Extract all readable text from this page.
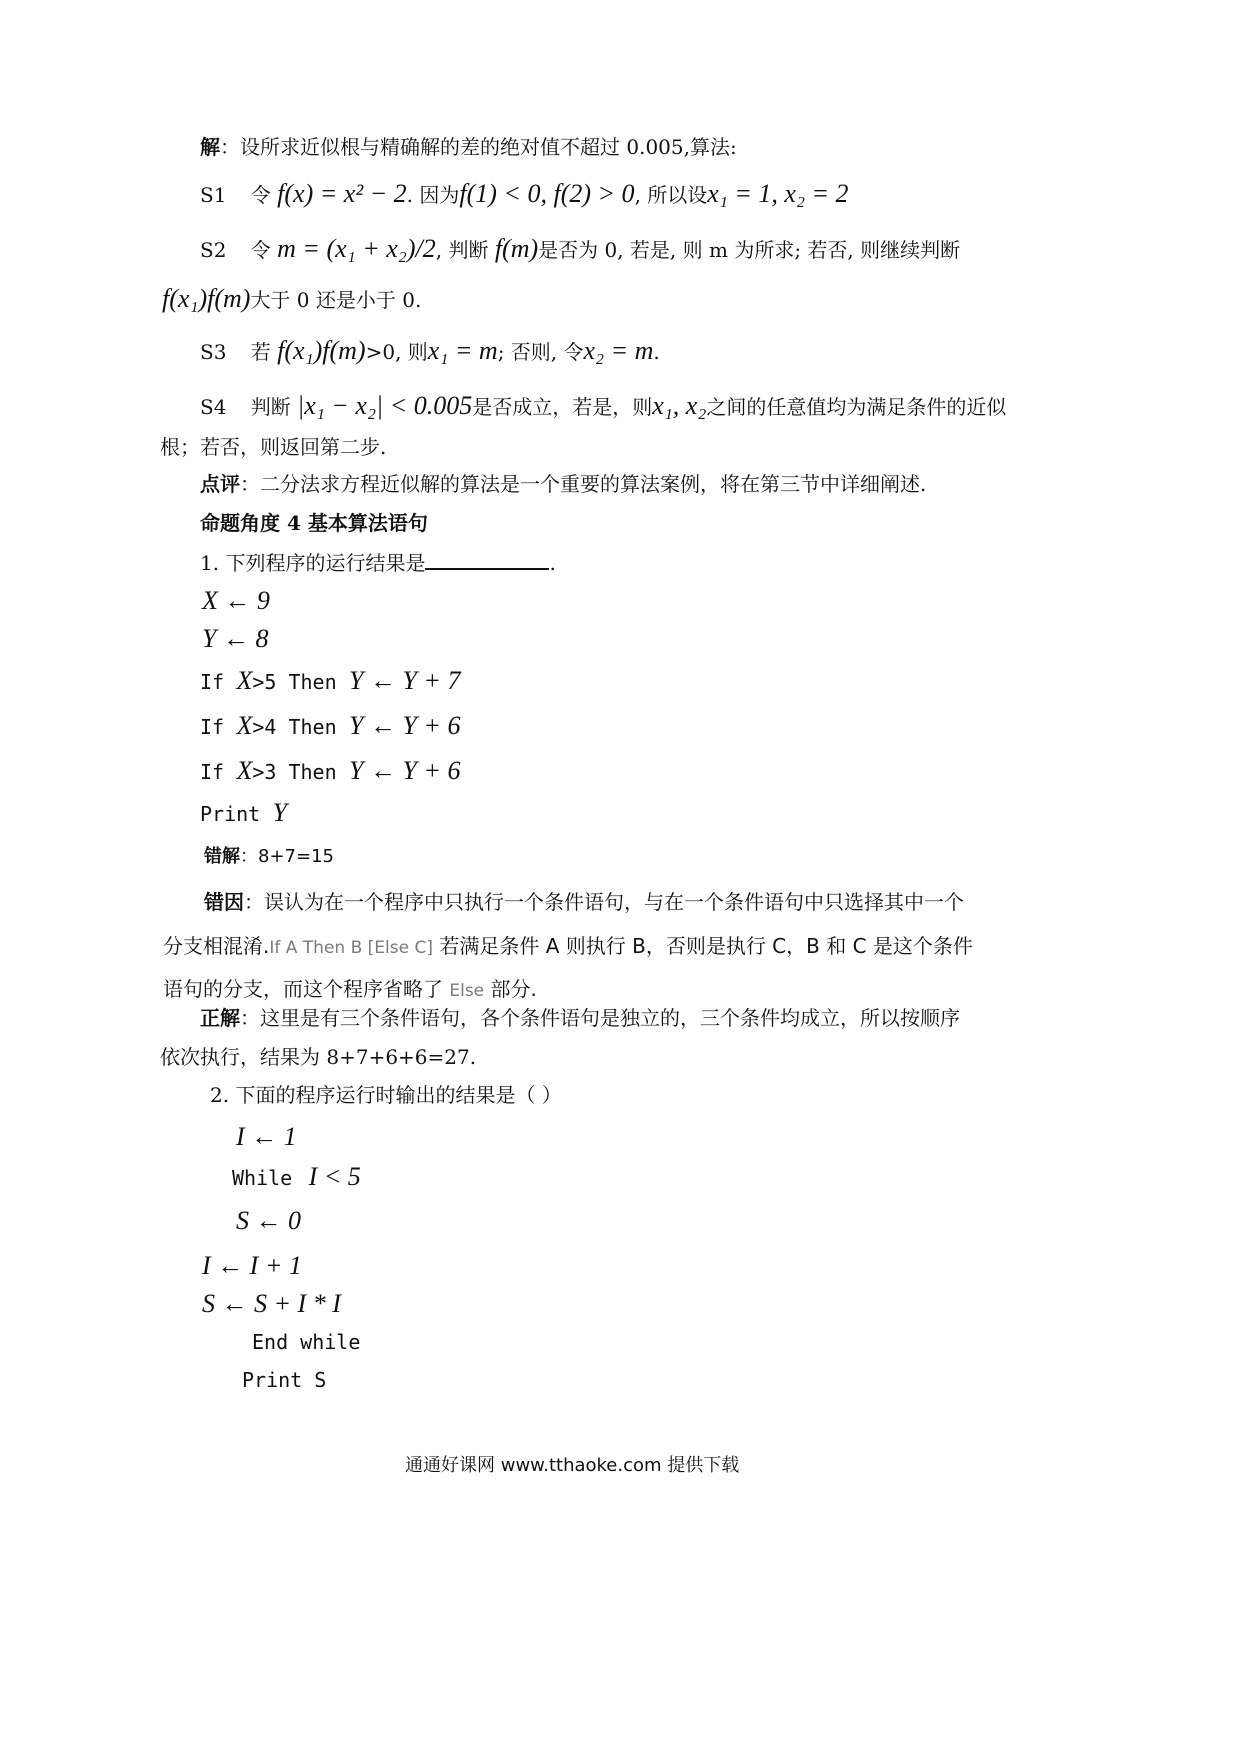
解：设所求近似根与精确解的差的绝对值不超过 0.005,算法:
S1 令 f(x) = x² − 2. 因为f(1) < 0, f(2) > 0, 所以设x₁ = 1, x₂ = 2
S2 令 m = (x₁ + x₂)/2, 判断 f(m)是否为 0, 若是, 则 m 为所求; 若否, 则继续判断
f(x₁)f(m)大于 0 还是小于 0.
S3 若 f(x₁)f(m)>0, 则x₁ = m; 否则, 令x₂ = m.
S4 判断 |x₁ − x₂| < 0.005是否成立，若是，则x₁, x₂之间的任意值均为满足条件的近似
根；若否，则返回第二步.
点评：二分法求方程近似解的算法是一个重要的算法案例，将在第三节中详细阐述.
命题角度 4 基本算法语句
1. 下列程序的运行结果是	.
X ← 9
Y ← 8
If X>5 Then Y ← Y + 7
If X>4 Then Y ← Y + 6
If X>3 Then Y ← Y + 6
Print Y
错解：8+7=15
错因：误认为在一个程序中只执行一个条件语句，与在一个条件语句中只选择其中一个
分支相混淆.If A Then B [Else C] 若满足条件 A 则执行 B，否则是执行 C，B 和 C 是这个条件
语句的分支，而这个程序省略了 Else 部分.
正解：这里是有三个条件语句，各个条件语句是独立的，三个条件均成立，所以按顺序
依次执行，结果为 8+7+6+6=27.
2. 下面的程序运行时输出的结果是（ ）
I ← 1
While I < 5
S ← 0
I ← I + 1
S ← S + I * I
End while
Print S
通通好课网 www.tthaoke.com 提供下载
